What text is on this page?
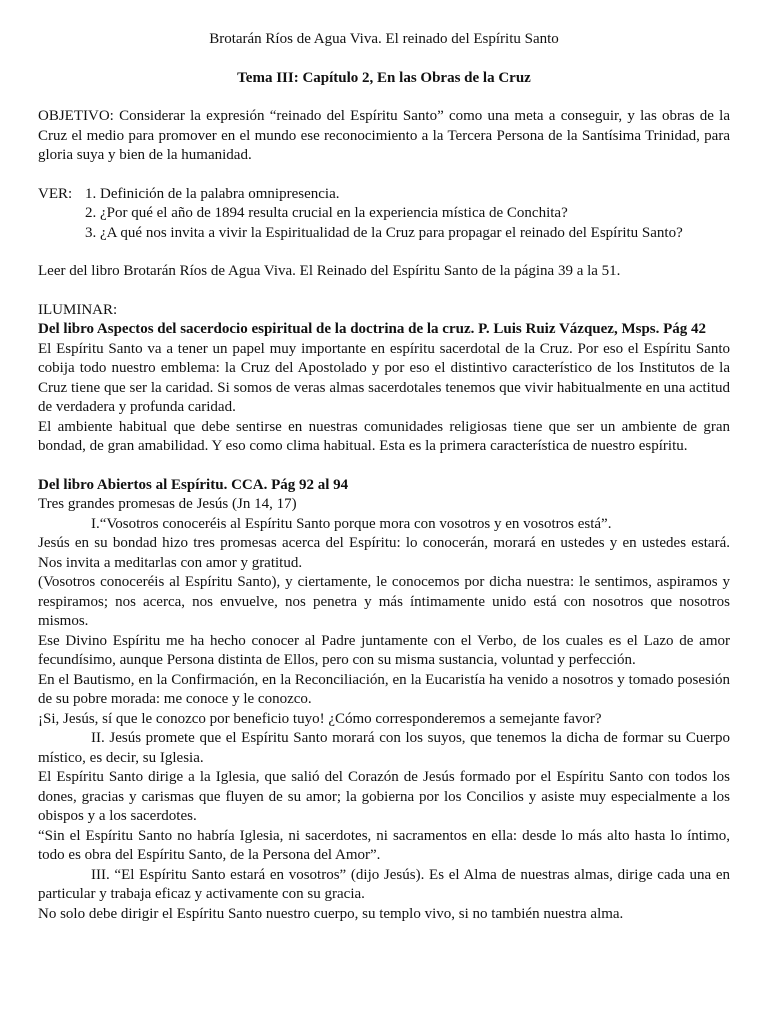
Brotarán Ríos de Agua Viva. El reinado del Espíritu Santo
Tema III: Capítulo 2, En las Obras de la Cruz

OBJETIVO: Considerar la expresión “reinado del Espíritu Santo” como una meta a conseguir, y las obras de la Cruz el medio para promover en el mundo ese reconocimiento a la Tercera Persona de la Santísima Trinidad, para gloria suya y bien de la humanidad.

VER: 1. Definición de la palabra omnipresencia.
2. ¿Por qué el año de 1894 resulta crucial en la experiencia mística de Conchita?
3. ¿A qué nos invita a vivir la Espiritualidad de la Cruz para propagar el reinado del Espíritu Santo?

Leer del libro Brotarán Ríos de Agua Viva. El Reinado del Espíritu Santo de la página 39 a la 51.

ILUMINAR:

Del libro Aspectos del sacerdocio espiritual de la doctrina de la cruz. P. Luis Ruiz Vázquez, Msps. Pág 42

El Espíritu Santo va a tener un papel muy importante en espíritu sacerdotal de la Cruz. Por eso el Espíritu Santo cobija todo nuestro emblema: la Cruz del Apostolado y por eso el distintivo característico de los Institutos de la Cruz tiene que ser la caridad. Si somos de veras almas sacerdotales tenemos que vivir habitualmente en una actitud de verdadera y profunda caridad.

El ambiente habitual que debe sentirse en nuestras comunidades religiosas tiene que ser un ambiente de gran bondad, de gran amabilidad. Y eso como clima habitual. Esta es la primera característica de nuestro espíritu.

Del libro Abiertos al Espíritu. CCA. Pág 92 al 94

Tres grandes promesas de Jesús (Jn 14, 17)

I.“Vosotros conoceréis al Espíritu Santo porque mora con vosotros y en vosotros está”.

Jesús en su bondad hizo tres promesas acerca del Espíritu: lo conocerán, morará en ustedes y en ustedes estará. Nos invita a meditarlas con amor y gratitud.

(Vosotros conoceréis al Espíritu Santo), y ciertamente, le conocemos por dicha nuestra: le sentimos, aspiramos y respiramos; nos acerca, nos envuelve, nos penetra y más íntimamente unido está con nosotros que nosotros mismos.

Ese Divino Espíritu me ha hecho conocer al Padre juntamente con el Verbo, de los cuales es el Lazo de amor fecundísimo, aunque Persona distinta de Ellos, pero con su misma sustancia, voluntad y perfección.

En el Bautismo, en la Confirmación, en la Reconciliación, en la Eucaristía ha venido a nosotros y tomado posesión de su pobre morada: me conoce y le conozco.

¡Si, Jesús, sí que le conozco por beneficio tuyo! ¿Cómo corresponderemos a semejante favor?

II. Jesús promete que el Espíritu Santo morará con los suyos, que tenemos la dicha de formar su Cuerpo místico, es decir, su Iglesia.

El Espíritu Santo dirige a la Iglesia, que salió del Corazón de Jesús formado por el Espíritu Santo con todos los dones, gracias y carismas que fluyen de su amor; la gobierna por los Concilios y asiste muy especialmente a los obispos y a los sacerdotes.

“Sin el Espíritu Santo no habría Iglesia, ni sacerdotes, ni sacramentos en ella: desde lo más alto hasta lo íntimo, todo es obra del Espíritu Santo, de la Persona del Amor”.

III. “El Espíritu Santo estará en vosotros” (dijo Jesús). Es el Alma de nuestras almas, dirige cada una en particular y trabaja eficaz y activamente con su gracia.

No solo debe dirigir el Espíritu Santo nuestro cuerpo, su templo vivo, si no también nuestra alma.
